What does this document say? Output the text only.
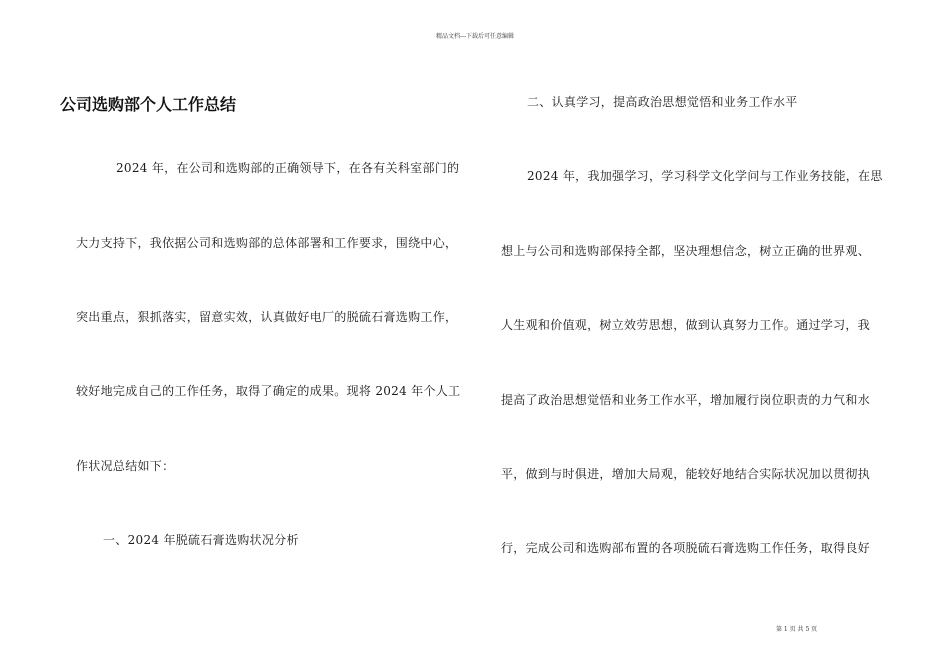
精品文档---下载后可任意编辑
公司选购部个人工作总结
2024 年，在公司和选购部的正确领导下，在各有关科室部门的
大力支持下，我依据公司和选购部的总体部署和工作要求，围绕中心，
突出重点，狠抓落实，留意实效，认真做好电厂的脱硫石膏选购工作，
较好地完成自己的工作任务，取得了确定的成果。现将 2024 年个人工
作状况总结如下：
一、2024 年脱硫石膏选购状况分析
二、认真学习，提高政治思想觉悟和业务工作水平
2024 年，我加强学习，学习科学文化学问与工作业务技能，在思
想上与公司和选购部保持全都，坚决理想信念，树立正确的世界观、
人生观和价值观，树立效劳思想，做到认真努力工作。通过学习，我
提高了政治思想觉悟和业务工作水平，增加履行岗位职责的力气和水
平，做到与时俱进，增加大局观，能较好地结合实际状况加以贯彻执
行，完成公司和选购部布置的各项脱硫石膏选购工作任务，取得良好
第 1 页 共 5 页
